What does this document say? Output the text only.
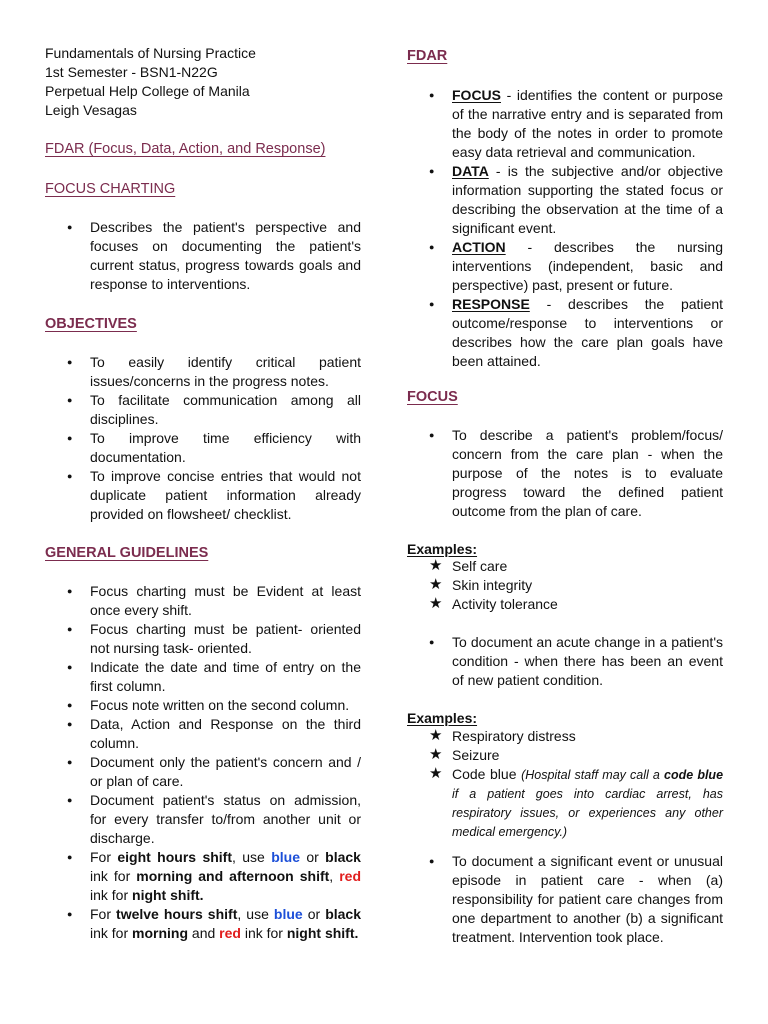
Fundamentals of Nursing Practice
1st Semester - BSN1-N22G
Perpetual Help College of Manila
Leigh Vesagas
FDAR (Focus, Data, Action, and Response)
FOCUS CHARTING
● Describes the patient's perspective and focuses on documenting the patient's current status, progress towards goals and response to interventions.
OBJECTIVES
● To easily identify critical patient issues/concerns in the progress notes.
● To facilitate communication among all disciplines.
● To improve time efficiency with documentation.
● To improve concise entries that would not duplicate patient information already provided on flowsheet/ checklist.
GENERAL GUIDELINES
● Focus charting must be Evident at least once every shift.
● Focus charting must be patient- oriented not nursing task- oriented.
● Indicate the date and time of entry on the first column.
● Focus note written on the second column.
● Data, Action and Response on the third column.
● Document only the patient's concern and / or plan of care.
● Document patient's status on admission, for every transfer to/from another unit or discharge.
● For eight hours shift, use blue or black ink for morning and afternoon shift, red ink for night shift.
● For twelve hours shift, use blue or black ink for morning and red ink for night shift.
FDAR
● FOCUS - identifies the content or purpose of the narrative entry and is separated from the body of the notes in order to promote easy data retrieval and communication.
● DATA - is the subjective and/or objective information supporting the stated focus or describing the observation at the time of a significant event.
● ACTION - describes the nursing interventions (independent, basic and perspective) past, present or future.
● RESPONSE - describes the patient outcome/response to interventions or describes how the care plan goals have been attained.
FOCUS
● To describe a patient's problem/focus/ concern from the care plan - when the purpose of the notes is to evaluate progress toward the defined patient outcome from the plan of care.
Examples:
★ Self care
★ Skin integrity
★ Activity tolerance
● To document an acute change in a patient's condition - when there has been an event of new patient condition.
Examples:
★ Respiratory distress
★ Seizure
★ Code blue (Hospital staff may call a code blue if a patient goes into cardiac arrest, has respiratory issues, or experiences any other medical emergency.)
● To document a significant event or unusual episode in patient care - when (a) responsibility for patient care changes from one department to another (b) a significant treatment. Intervention took place.
